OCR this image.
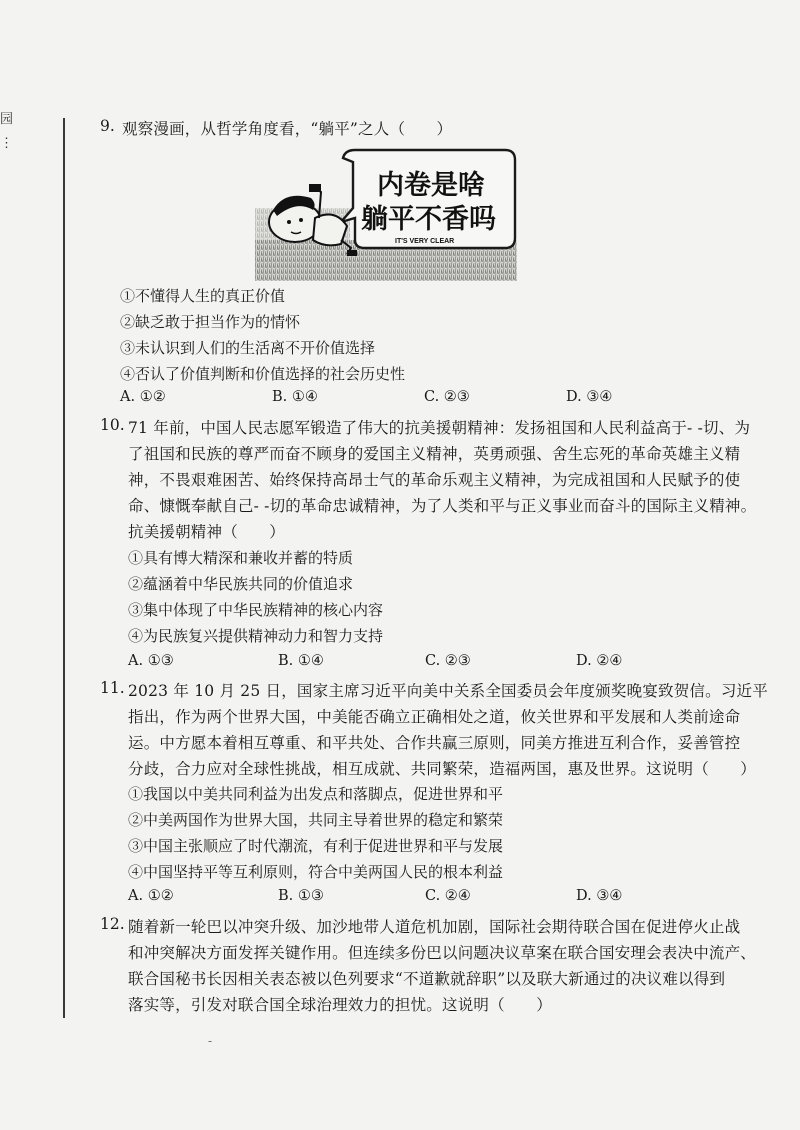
园
⋮
9. 观察漫画，从哲学角度看，“躺平”之人（　　）
内卷是啥
躺平不香吗
IT'S VERY CLEAR
①不懂得人生的真正价值
②缺乏敢于担当作为的情怀
③未认识到人们的生活离不开价值选择
④否认了价值判断和价值选择的社会历史性
A. ①②	B. ①④	C. ②③	D. ③④
10. 71 年前，中国人民志愿军锻造了伟大的抗美援朝精神：发扬祖国和人民利益高于- -切、为
了祖国和民族的尊严而奋不顾身的爱国主义精神，英勇顽强、舍生忘死的革命英雄主义精
神，不畏艰难困苦、始终保持高昂士气的革命乐观主义精神，为完成祖国和人民赋予的使
命、慷慨奉献自己- -切的革命忠诚精神，为了人类和平与正义事业而奋斗的国际主义精神。
抗美援朝精神（　　）
①具有博大精深和兼收并蓄的特质
②蕴涵着中华民族共同的价值追求
③集中体现了中华民族精神的核心内容
④为民族复兴提供精神动力和智力支持
A. ①③	B. ①④	C. ②③	D. ②④
11. 2023 年 10 月 25 日，国家主席习近平向美中关系全国委员会年度颁奖晚宴致贺信。习近平
指出，作为两个世界大国，中美能否确立正确相处之道，攸关世界和平发展和人类前途命
运。中方愿本着相互尊重、和平共处、合作共赢三原则，同美方推进互利合作，妥善管控
分歧，合力应对全球性挑战，相互成就、共同繁荣，造福两国，惠及世界。这说明（　　）
①我国以中美共同利益为出发点和落脚点，促进世界和平
②中美两国作为世界大国，共同主导着世界的稳定和繁荣
③中国主张顺应了时代潮流，有利于促进世界和平与发展
④中国坚持平等互利原则，符合中美两国人民的根本利益
A. ①②	B. ①③	C. ②④	D. ③④
12. 随着新一轮巴以冲突升级、加沙地带人道危机加剧，国际社会期待联合国在促进停火止战
和冲突解决方面发挥关键作用。但连续多份巴以问题决议草案在联合国安理会表决中流产、
联合国秘书长因相关表态被以色列要求“不道歉就辞职”以及联大新通过的决议难以得到
落实等，引发对联合国全球治理效力的担忧。这说明（　　）
-
